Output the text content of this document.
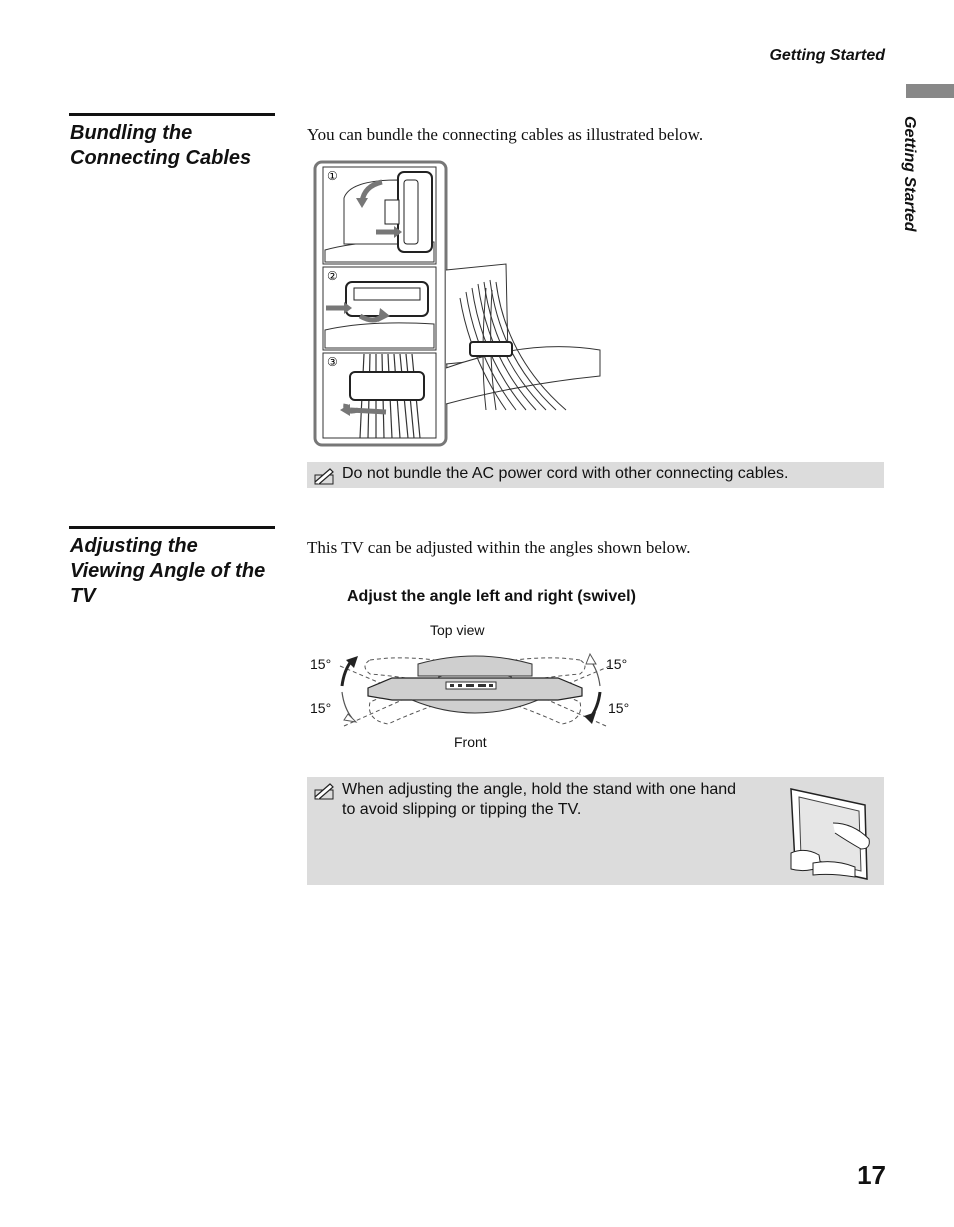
Getting Started
Getting Started
Bundling the
Connecting Cables
You can bundle the connecting cables as illustrated below.
①
②
③
Do not bundle the AC power cord with other connecting cables.
Adjusting the
Viewing Angle of the
TV
This TV can be adjusted within the angles shown below.
Adjust the angle left and right (swivel)
Top view
15°
15°
15°
15°
Front
When adjusting the angle, hold the stand with one hand
to avoid slipping or tipping the TV.
17
